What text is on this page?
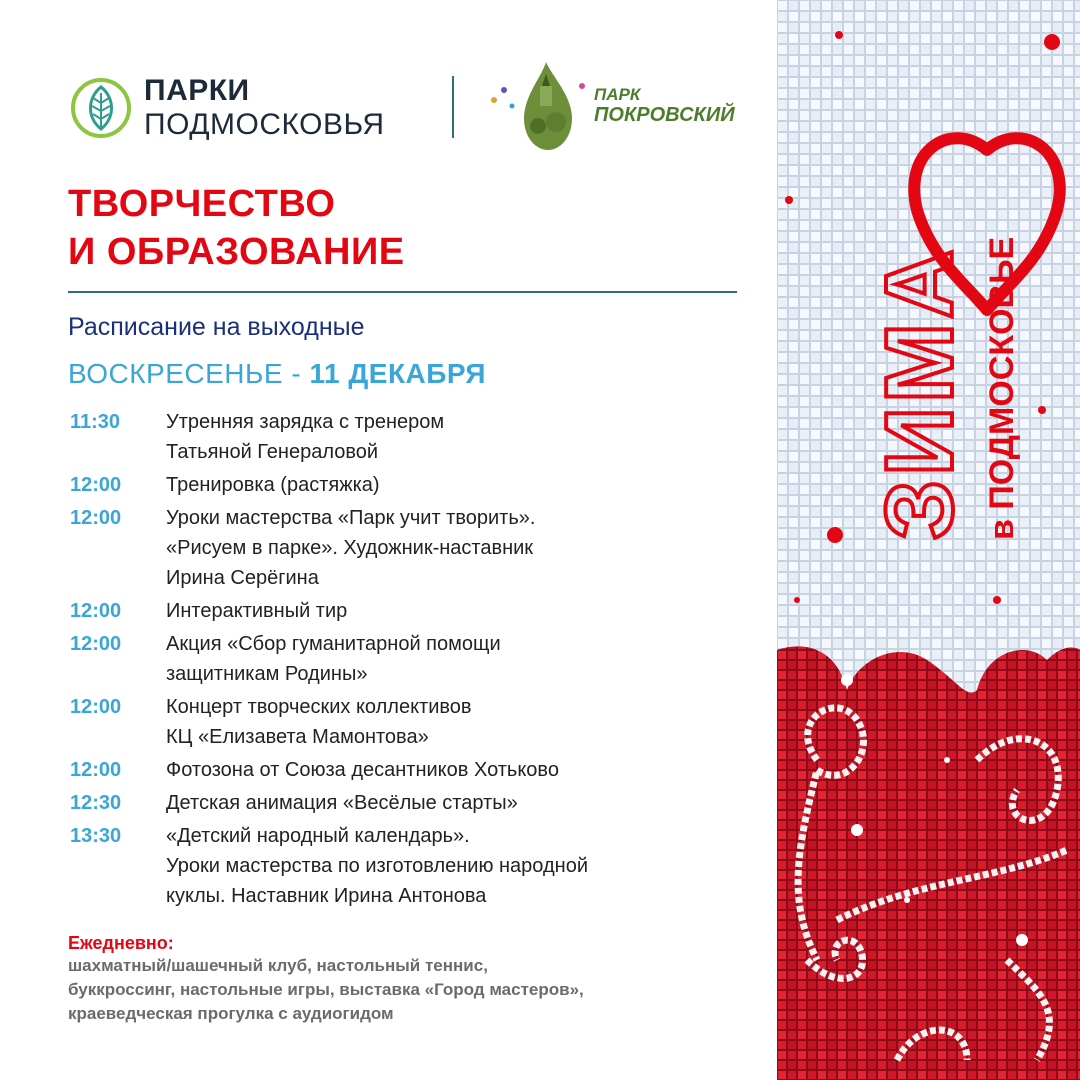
ПАРКИ
ПОДМОСКОВЬЯ
ПАРК
ПОКРОВСКИЙ
ТВОРЧЕСТВО
И ОБРАЗОВАНИЕ
Расписание на выходные
ВОСКРЕСЕНЬЕ - 11 ДЕКАБРЯ
11:30	Утренняя зарядка с тренером
Татьяной Генераловой
12:00	Тренировка (растяжка)
12:00	Уроки мастерства «Парк учит творить».
«Рисуем в парке». Художник-наставник
Ирина Серёгина
12:00	Интерактивный тир
12:00	Акция «Сбор гуманитарной помощи
защитникам Родины»
12:00	Концерт творческих коллективов
КЦ «Елизавета Мамонтова»
12:00	Фотозона от Союза десантников Хотьково
12:30	Детская анимация «Весёлые старты»
13:30	«Детский народный календарь».
Уроки мастерства по изготовлению народной
куклы. Наставник Ирина Антонова
Ежедневно:
шахматный/шашечный клуб, настольный теннис,
буккроссинг, настольные игры, выставка «Город мастеров»,
краеведческая прогулка с аудиогидом
ЗИМА в ПОДМОСКОВЬЕ
